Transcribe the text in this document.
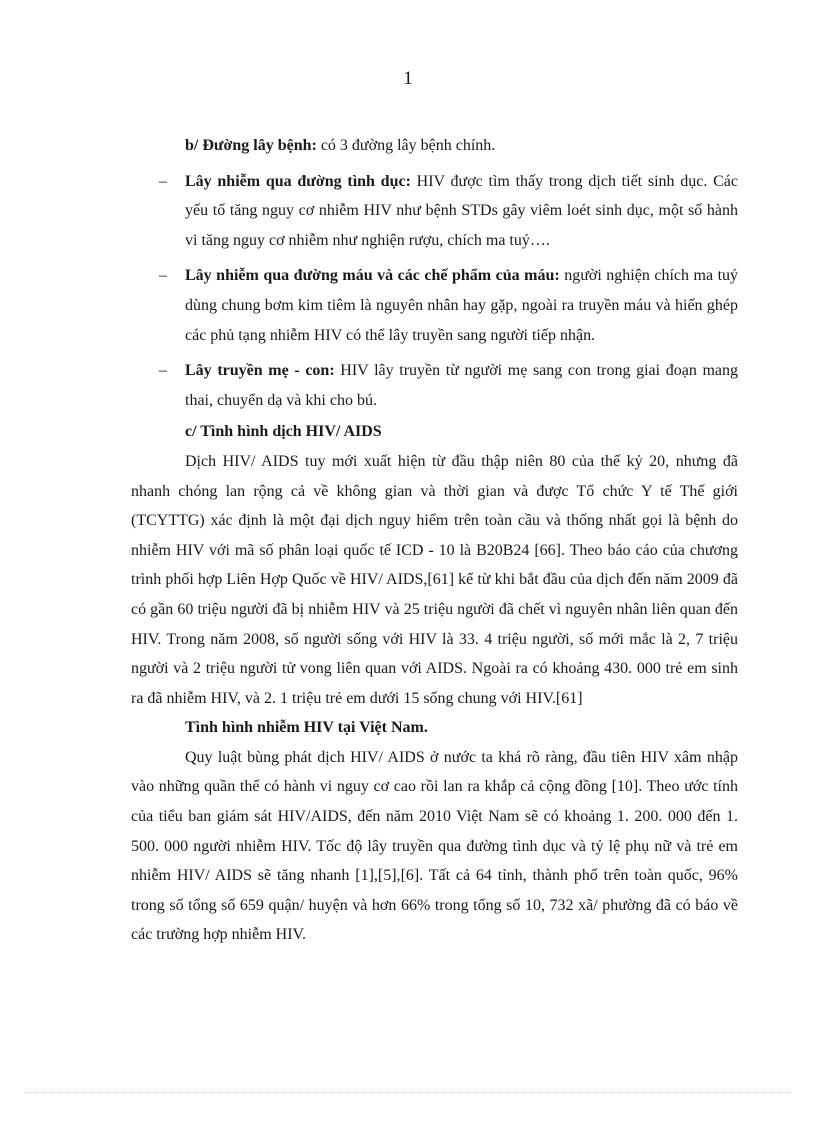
1

b/ Đường lây bệnh: có 3 đường lây bệnh chính.

– Lây nhiễm qua đường tình dục: HIV được tìm thấy trong dịch tiết sinh dục. Các yếu tố tăng nguy cơ nhiễm HIV như bệnh STDs gây viêm loét sinh dục, một số hành vi tăng nguy cơ nhiễm như nghiện rượu, chích ma tuý….

– Lây nhiễm qua đường máu và các chế phẩm của máu: người nghiện chích ma tuý dùng chung bơm kim tiêm là nguyên nhân hay gặp, ngoài ra truyền máu và hiến ghép các phủ tạng nhiễm HIV có thể lây truyền sang người tiếp nhận.

– Lây truyền mẹ - con: HIV lây truyền từ người mẹ sang con trong giai đoạn mang thai, chuyển dạ và khi cho bú.

c/ Tình hình dịch HIV/ AIDS

Dịch HIV/ AIDS tuy mới xuất hiện từ đầu thập niên 80 của thế kỷ 20, nhưng đã nhanh chóng lan rộng cả về không gian và thời gian và được Tổ chức Y tế Thế giới (TCYTTG) xác định là một đại dịch nguy hiểm trên toàn cầu và thống nhất gọi là bệnh do nhiễm HIV với mã số phân loại quốc tế ICD - 10 là B20B24 [66]. Theo báo cáo của chương trình phối hợp Liên Hợp Quốc về HIV/ AIDS,[61] kể từ khi bắt đầu của dịch đến năm 2009 đã có gần 60 triệu người đã bị nhiễm HIV và 25 triệu người đã chết vì nguyên nhân liên quan đến HIV. Trong năm 2008, số người sống với HIV là 33. 4 triệu người, số mới mắc là 2, 7 triệu người và 2 triệu người tử vong liên quan với AIDS. Ngoài ra có khoảng 430. 000 trẻ em sinh ra đã nhiễm HIV, và 2. 1 triệu trẻ em dưới 15 sống chung với HIV.[61]

Tình hình nhiễm HIV tại Việt Nam.

Quy luật bùng phát dịch HIV/ AIDS ở nước ta khá rõ ràng, đầu tiên HIV xâm nhập vào những quần thể có hành vi nguy cơ cao rồi lan ra khắp cả cộng đồng [10]. Theo ước tính của tiểu ban giám sát HIV/AIDS, đến năm 2010 Việt Nam sẽ có khoảng 1. 200. 000 đến 1. 500. 000 người nhiễm HIV. Tốc độ lây truyền qua đường tình dục và tỷ lệ phụ nữ và trẻ em nhiễm HIV/ AIDS sẽ tăng nhanh [1],[5],[6]. Tất cả 64 tỉnh, thành phố trên toàn quốc, 96% trong số tổng số 659 quận/ huyện và hơn 66% trong tổng số 10, 732 xã/ phường đã có báo về các trường hợp nhiễm HIV.
